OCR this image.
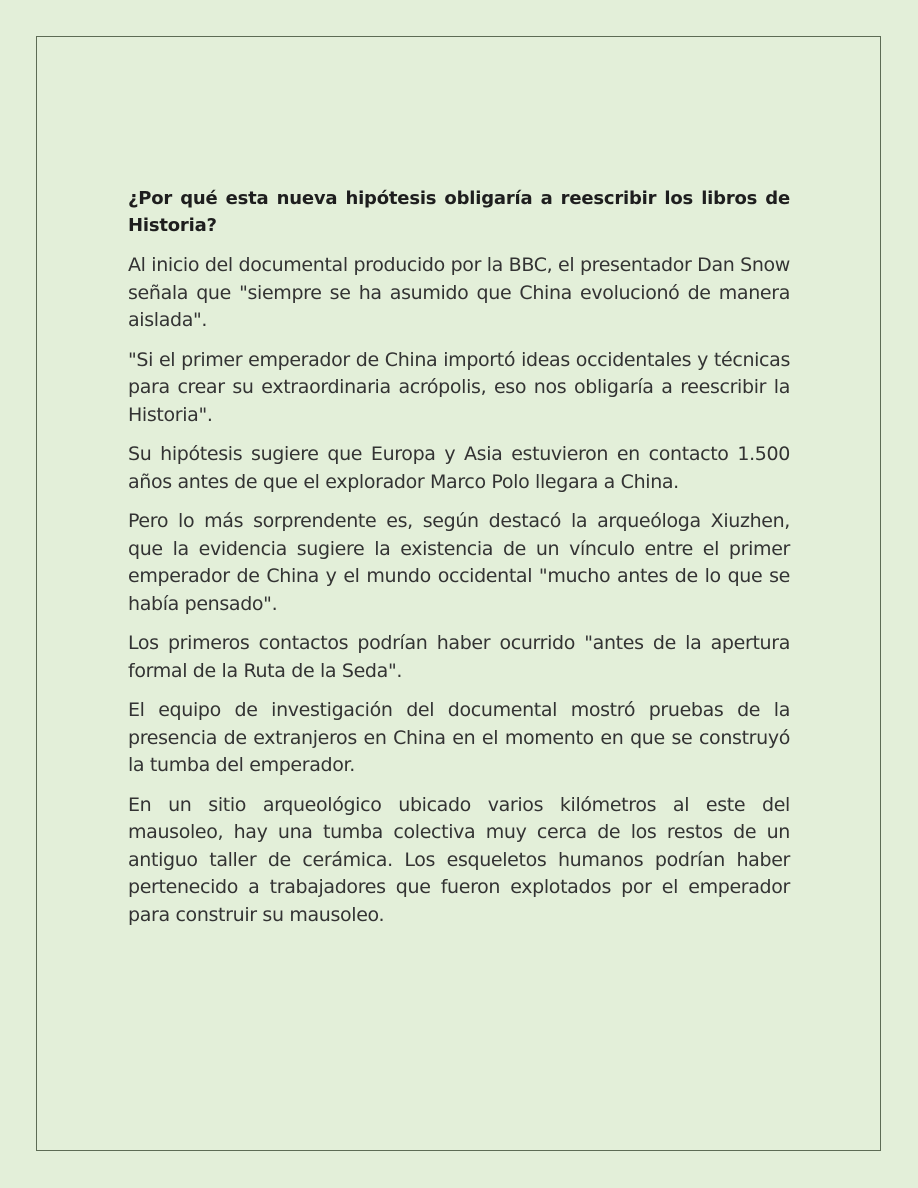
¿Por qué esta nueva hipótesis obligaría a reescribir los libros de Historia?

Al inicio del documental producido por la BBC, el presentador Dan Snow señala que "siempre se ha asumido que China evolucionó de manera aislada".

"Si el primer emperador de China importó ideas occidentales y técnicas para crear su extraordinaria acrópolis, eso nos obligaría a reescribir la Historia".

Su hipótesis sugiere que Europa y Asia estuvieron en contacto 1.500 años antes de que el explorador Marco Polo llegara a China.

Pero lo más sorprendente es, según destacó la arqueóloga Xiuzhen, que la evidencia sugiere la existencia de un vínculo entre el primer emperador de China y el mundo occidental "mucho antes de lo que se había pensado".

Los primeros contactos podrían haber ocurrido "antes de la apertura formal de la Ruta de la Seda".

El equipo de investigación del documental mostró pruebas de la presencia de extranjeros en China en el momento en que se construyó la tumba del emperador.

En un sitio arqueológico ubicado varios kilómetros al este del mausoleo, hay una tumba colectiva muy cerca de los restos de un antiguo taller de cerámica. Los esqueletos humanos podrían haber pertenecido a trabajadores que fueron explotados por el emperador para construir su mausoleo.
